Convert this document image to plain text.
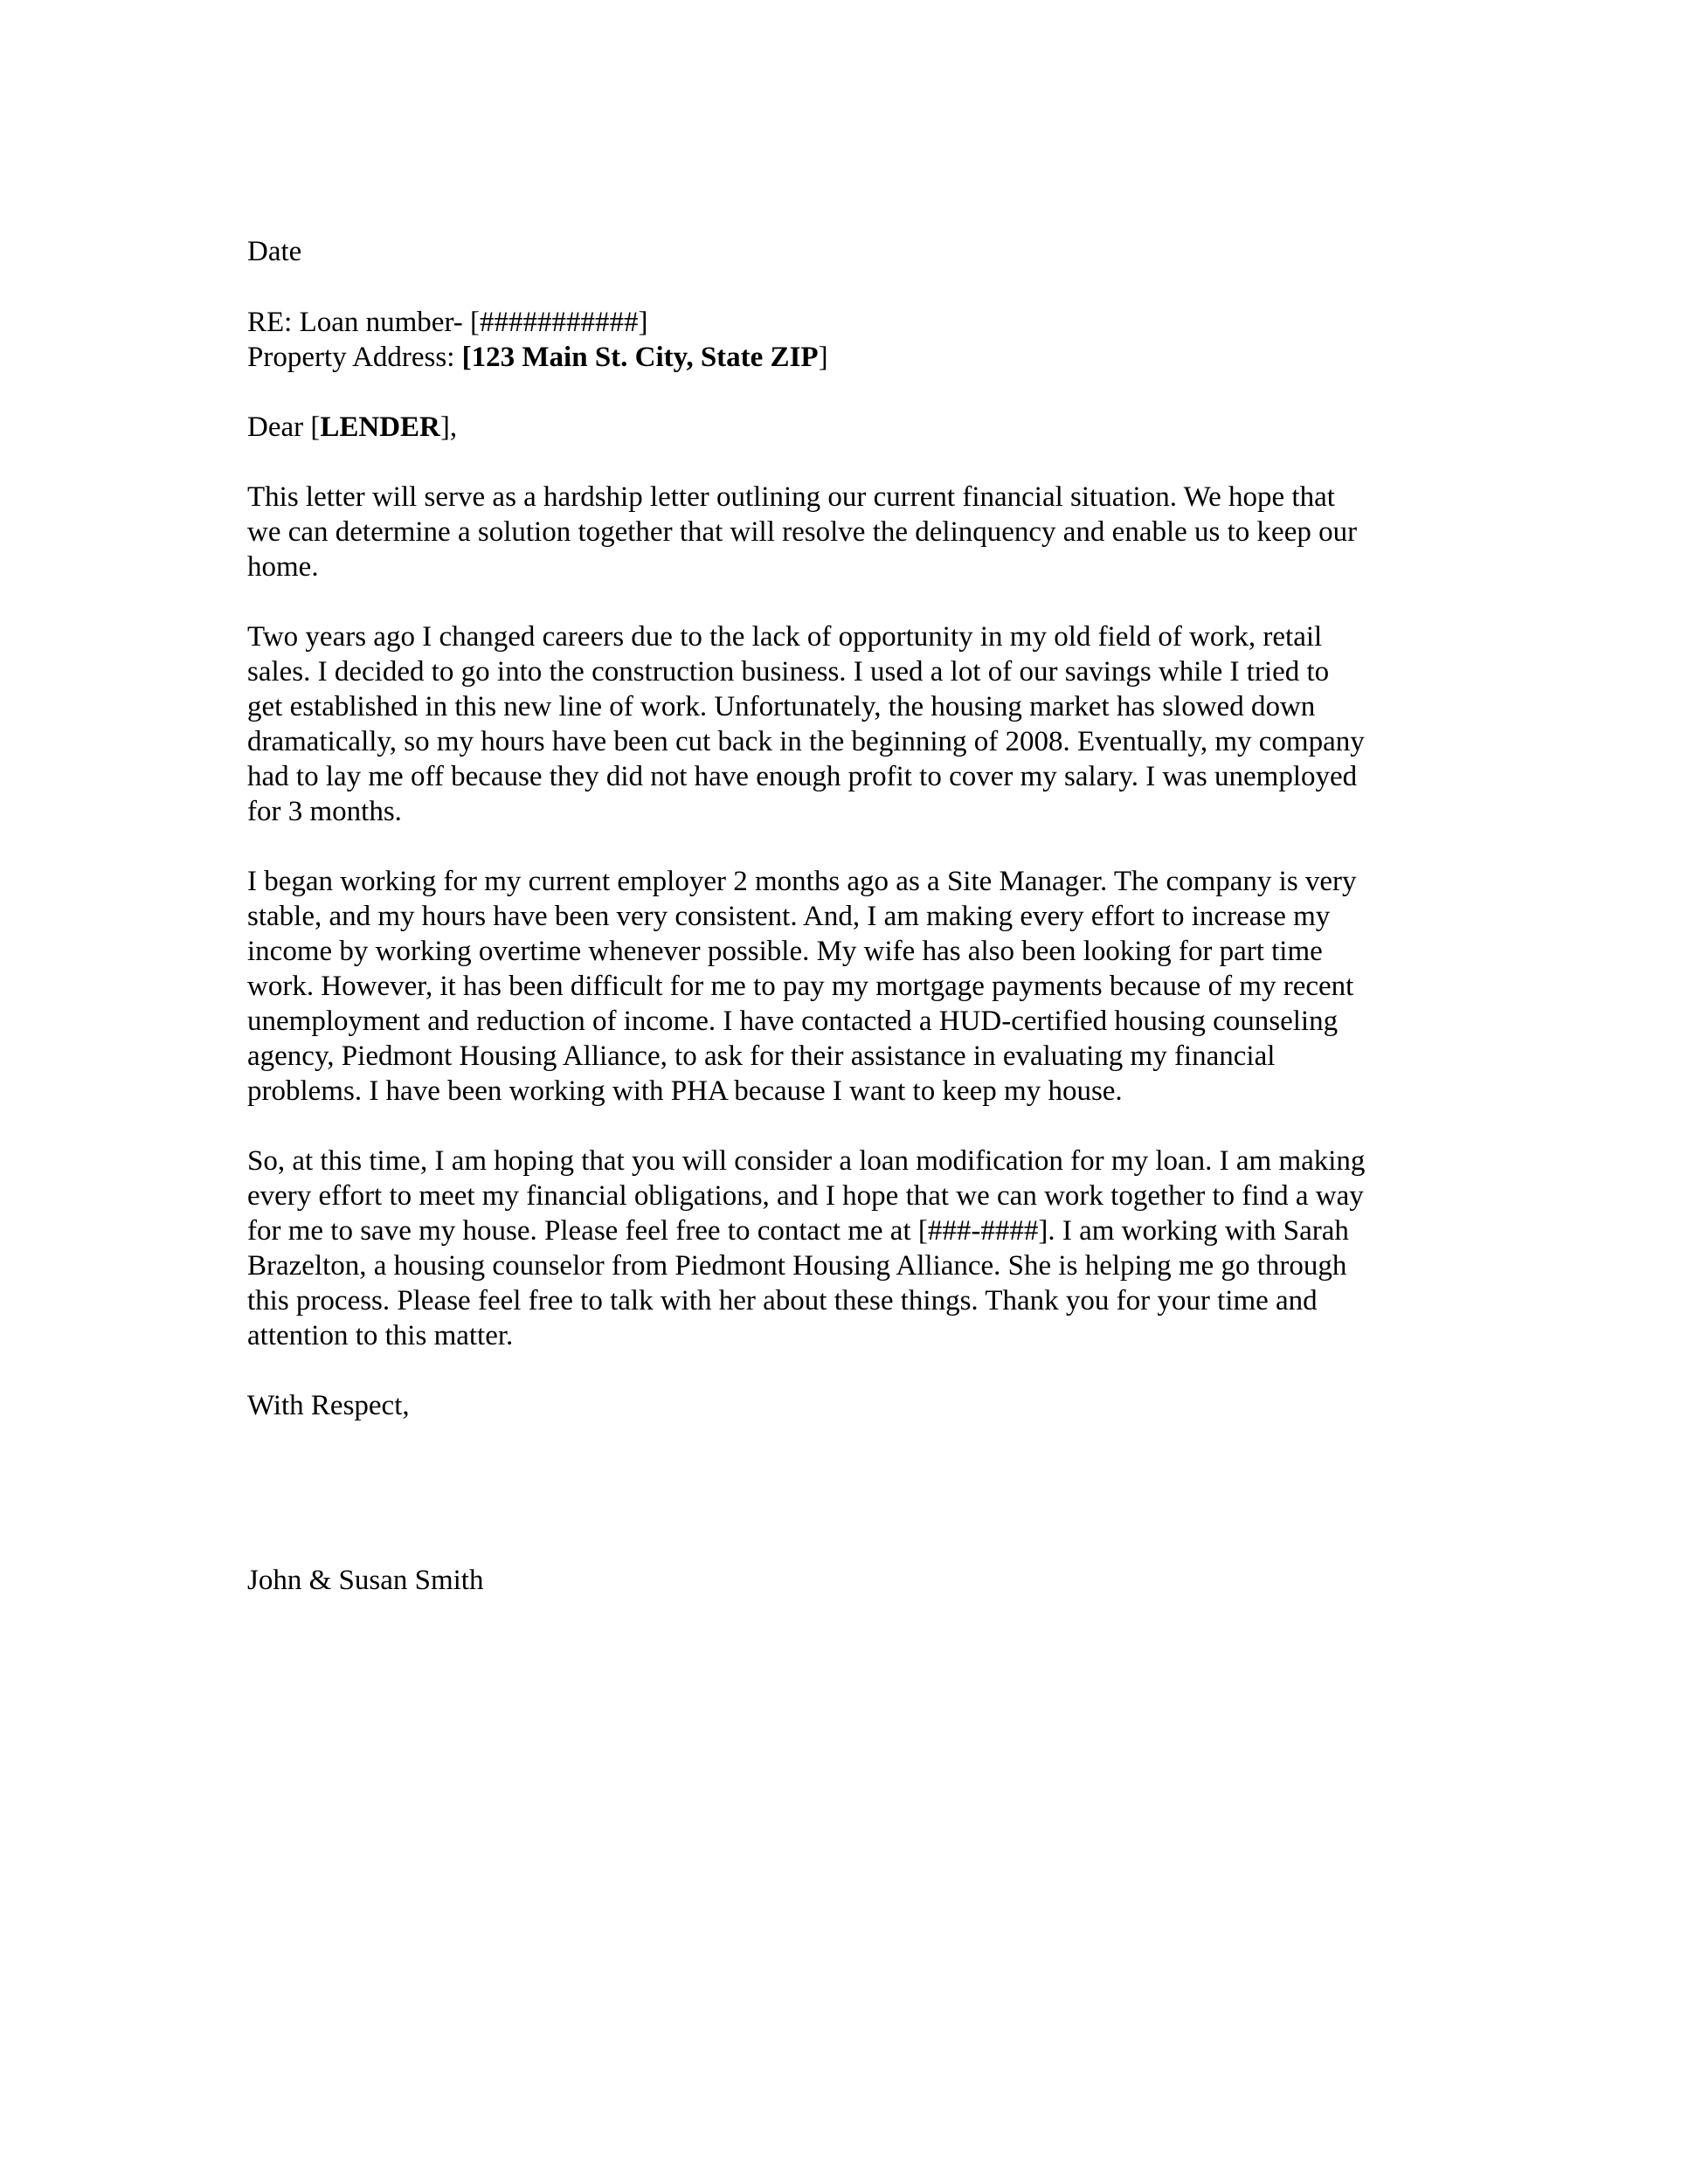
Date
RE: Loan number- [###########]
Property Address: [123 Main St. City, State ZIP]
Dear [LENDER],
This letter will serve as a hardship letter outlining our current financial situation. We hope that
we can determine a solution together that will resolve the delinquency and enable us to keep our
home.
Two years ago I changed careers due to the lack of opportunity in my old field of work, retail
sales. I decided to go into the construction business. I used a lot of our savings while I tried to
get established in this new line of work. Unfortunately, the housing market has slowed down
dramatically, so my hours have been cut back in the beginning of 2008. Eventually, my company
had to lay me off because they did not have enough profit to cover my salary. I was unemployed
for 3 months.
I began working for my current employer 2 months ago as a Site Manager. The company is very
stable, and my hours have been very consistent. And, I am making every effort to increase my
income by working overtime whenever possible. My wife has also been looking for part time
work. However, it has been difficult for me to pay my mortgage payments because of my recent
unemployment and reduction of income. I have contacted a HUD-certified housing counseling
agency, Piedmont Housing Alliance, to ask for their assistance in evaluating my financial
problems. I have been working with PHA because I want to keep my house.
So, at this time, I am hoping that you will consider a loan modification for my loan. I am making
every effort to meet my financial obligations, and I hope that we can work together to find a way
for me to save my house. Please feel free to contact me at [###-####]. I am working with Sarah
Brazelton, a housing counselor from Piedmont Housing Alliance. She is helping me go through
this process. Please feel free to talk with her about these things. Thank you for your time and
attention to this matter.
With Respect,
John & Susan Smith
